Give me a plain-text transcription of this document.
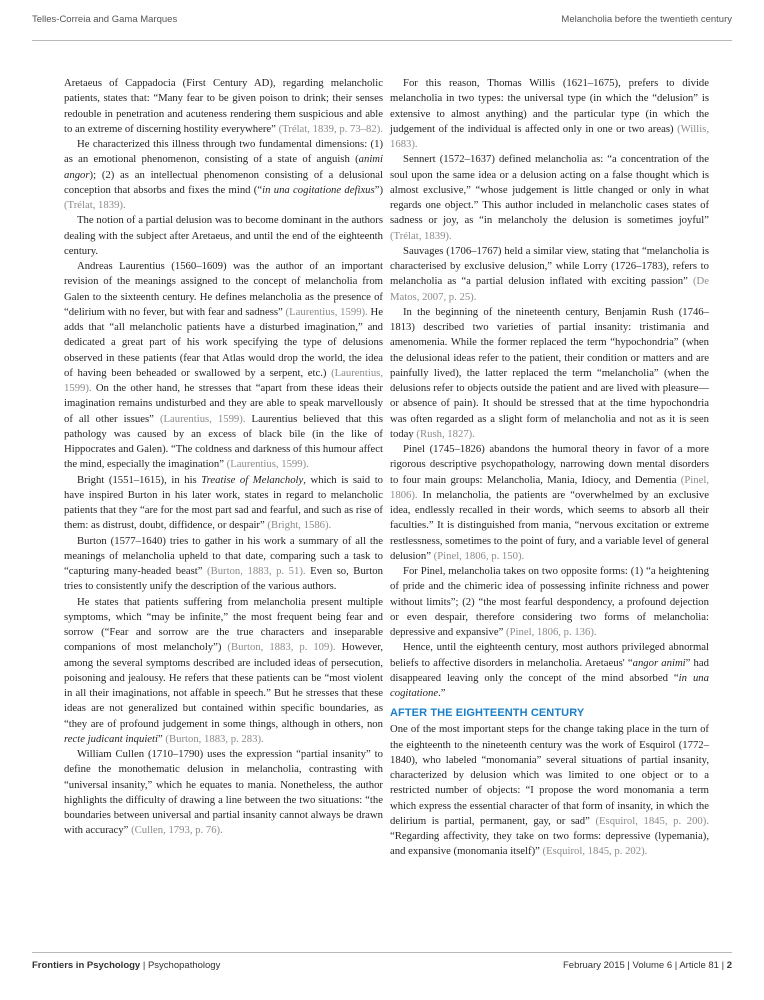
Telles-Correia and Gama Marques	Melancholia before the twentieth century

Aretaeus of Cappadocia (First Century AD), regarding melancholic patients, states that: “Many fear to be given poison to drink; their senses redouble in penetration and acuteness rendering them suspicious and able to an extreme of discerning hostility everywhere” (Trélat, 1839, p. 73–82).

He characterized this illness through two fundamental dimensions: (1) as an emotional phenomenon, consisting of a state of anguish (animi angor); (2) as an intellectual phenomenon consisting of a delusional conception that absorbs and fixes the mind (“in una cogitatione defixus”) (Trélat, 1839).

The notion of a partial delusion was to become dominant in the authors dealing with the subject after Aretaeus, and until the end of the eighteenth century.

Andreas Laurentius (1560–1609) was the author of an important revision of the meanings assigned to the concept of melancholia from Galen to the sixteenth century. He defines melancholia as the presence of “delirium with no fever, but with fear and sadness” (Laurentius, 1599). He adds that “all melancholic patients have a disturbed imagination,” and dedicated a great part of his work specifying the type of delusions observed in these patients (fear that Atlas would drop the world, the idea of having been beheaded or swallowed by a serpent, etc.) (Laurentius, 1599). On the other hand, he stresses that “apart from these ideas their imagination remains undisturbed and they are able to speak marvellously of all other issues” (Laurentius, 1599). Laurentius believed that this pathology was caused by an excess of black bile (in the like of Hippocrates and Galen). “The coldness and darkness of this humour affect the mind, especially the imagination” (Laurentius, 1599).

Bright (1551–1615), in his Treatise of Melancholy, which is said to have inspired Burton in his later work, states in regard to melancholic patients that they “are for the most part sad and fearful, and such as rise of them: as distrust, doubt, diffidence, or despair” (Bright, 1586).

Burton (1577–1640) tries to gather in his work a summary of all the meanings of melancholia upheld to that date, comparing such a task to “capturing many-headed beast” (Burton, 1883, p. 51). Even so, Burton tries to consistently unify the description of the various authors.

He states that patients suffering from melancholia present multiple symptoms, which “may be infinite,” the most frequent being fear and sorrow (“Fear and sorrow are the true characters and inseparable companions of most melancholy”) (Burton, 1883, p. 109). However, among the several symptoms described are included ideas of persecution, poisoning and jealousy. He refers that these patients can be “most violent in all their imaginations, not affable in speech.” But he stresses that these ideas are not generalized but contained within specific boundaries, as “they are of profound judgement in some things, although in others, non recte judicant inquieti” (Burton, 1883, p. 283).

William Cullen (1710–1790) uses the expression “partial insanity” to define the monothematic delusion in melancholia, contrasting with “universal insanity,” which he equates to mania. Nonetheless, the author highlights the difficulty of drawing a line between the two situations: “the boundaries between universal and partial insanity cannot always be drawn with accuracy” (Cullen, 1793, p. 76).

For this reason, Thomas Willis (1621–1675), prefers to divide melancholia in two types: the universal type (in which the “delusion” is extensive to almost anything) and the particular type (in which the judgement of the individual is affected only in one or two areas) (Willis, 1683).

Sennert (1572–1637) defined melancholia as: “a concentration of the soul upon the same idea or a delusion acting on a false thought which is almost exclusive,” “whose judgement is little changed or only in what regards one object.” This author included in melancholic cases states of sadness or joy, as “in melancholy the delusion is sometimes joyful” (Trélat, 1839).

Sauvages (1706–1767) held a similar view, stating that “melancholia is characterised by exclusive delusion,” while Lorry (1726–1783), refers to melancholia as “a partial delusion inflated with exciting passion” (De Matos, 2007, p. 25).

In the beginning of the nineteenth century, Benjamin Rush (1746–1813) described two varieties of partial insanity: tristimania and amenomenia. While the former replaced the term “hypochondria” (when the delusional ideas refer to the patient, their condition or matters and are painfully lived), the latter replaced the term “melancholia” (when the delusions refer to objects outside the patient and are lived with pleasure—or absence of pain). It should be stressed that at the time hypochondria was often regarded as a slight form of melancholia and not as it is seen today (Rush, 1827).

Pinel (1745–1826) abandons the humoral theory in favor of a more rigorous descriptive psychopathology, narrowing down mental disorders to four main groups: Melancholia, Mania, Idiocy, and Dementia (Pinel, 1806). In melancholia, the patients are “overwhelmed by an exclusive idea, endlessly recalled in their words, which seems to absorb all their faculties.” It is distinguished from mania, “nervous excitation or extreme restlessness, sometimes to the point of fury, and a variable level of general delusion” (Pinel, 1806, p. 150).

For Pinel, melancholia takes on two opposite forms: (1) “a heightening of pride and the chimeric idea of possessing infinite richness and power without limits”; (2) “the most fearful despondency, a profound dejection or even despair, therefore considering two forms of melancholia: depressive and expansive” (Pinel, 1806, p. 136).

Hence, until the eighteenth century, most authors privileged abnormal beliefs to affective disorders in melancholia. Aretaeus' “angor animi” had disappeared leaving only the concept of the mind absorbed “in una cogitatione.”

AFTER THE EIGHTEENTH CENTURY

One of the most important steps for the change taking place in the turn of the eighteenth to the nineteenth century was the work of Esquirol (1772–1840), who labeled “monomania” several situations of partial insanity, characterized by delusion which was limited to one object or to a restricted number of objects: “I propose the word monomania a term which express the essential character of that form of insanity, in which the delirium is partial, permanent, gay, or sad” (Esquirol, 1845, p. 200). “Regarding affectivity, they take on two forms: depressive (lypemania), and expansive (monomania itself)” (Esquirol, 1845, p. 202).

Frontiers in Psychology | Psychopathology	February 2015 | Volume 6 | Article 81 | 2
